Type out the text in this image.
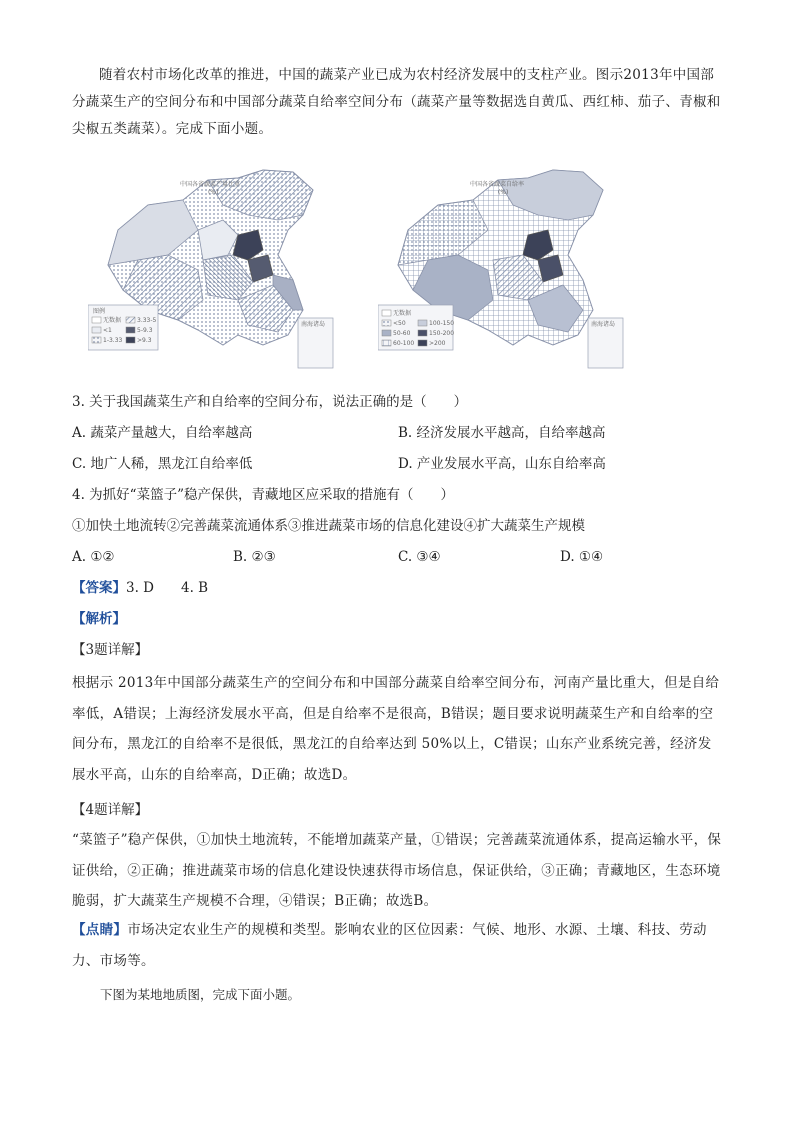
随着农村市场化改革的推进，中国的蔬菜产业已成为农村经济发展中的支柱产业。图示2013年中国部分蔬菜生产的空间分布和中国部分蔬菜自给率空间分布（蔬菜产量等数据选自黄瓜、西红柿、茄子、青椒和尖椒五类蔬菜）。完成下面小题。
中国各省蔬菜产量比重
(%)
图例
无数据	3.33-5
<1	5-9.3
1-3.33 >9.3
南海诸岛
中国各省蔬菜自给率
(%)
无数据
<50	100-150
50-60	150-200
60-100 >200
南海诸岛
3. 关于我国蔬菜生产和自给率的空间分布，说法正确的是（　　）
A. 蔬菜产量越大，自给率越高	B. 经济发展水平越高，自给率越高
C. 地广人稀，黑龙江自给率低	D. 产业发展水平高，山东自给率高
4. 为抓好“菜篮子”稳产保供，青藏地区应采取的措施有（　　）
①加快土地流转②完善蔬菜流通体系③推进蔬菜市场的信息化建设④扩大蔬菜生产规模
A. ①②	B. ②③	C. ③④	D. ①④
【答案】3. D　　4. B
【解析】
【3题详解】
根据示 2013年中国部分蔬菜生产的空间分布和中国部分蔬菜自给率空间分布，河南产量比重大，但是自给率低，A错误；上海经济发展水平高，但是自给率不是很高，B错误；题目要求说明蔬菜生产和自给率的空间分布，黑龙江的自给率不是很低，黑龙江的自给率达到 50%以上，C错误；山东产业系统完善，经济发展水平高，山东的自给率高，D正确；故选D。
【4题详解】
“菜篮子”稳产保供，①加快土地流转，不能增加蔬菜产量，①错误；完善蔬菜流通体系，提高运输水平，保证供给，②正确；推进蔬菜市场的信息化建设快速获得市场信息，保证供给，③正确；青藏地区，生态环境脆弱，扩大蔬菜生产规模不合理，④错误；B正确；故选B。
【点睛】市场决定农业生产的规模和类型。影响农业的区位因素：气候、地形、水源、土壤、科技、劳动力、市场等。
下图为某地地质图，完成下面小题。
